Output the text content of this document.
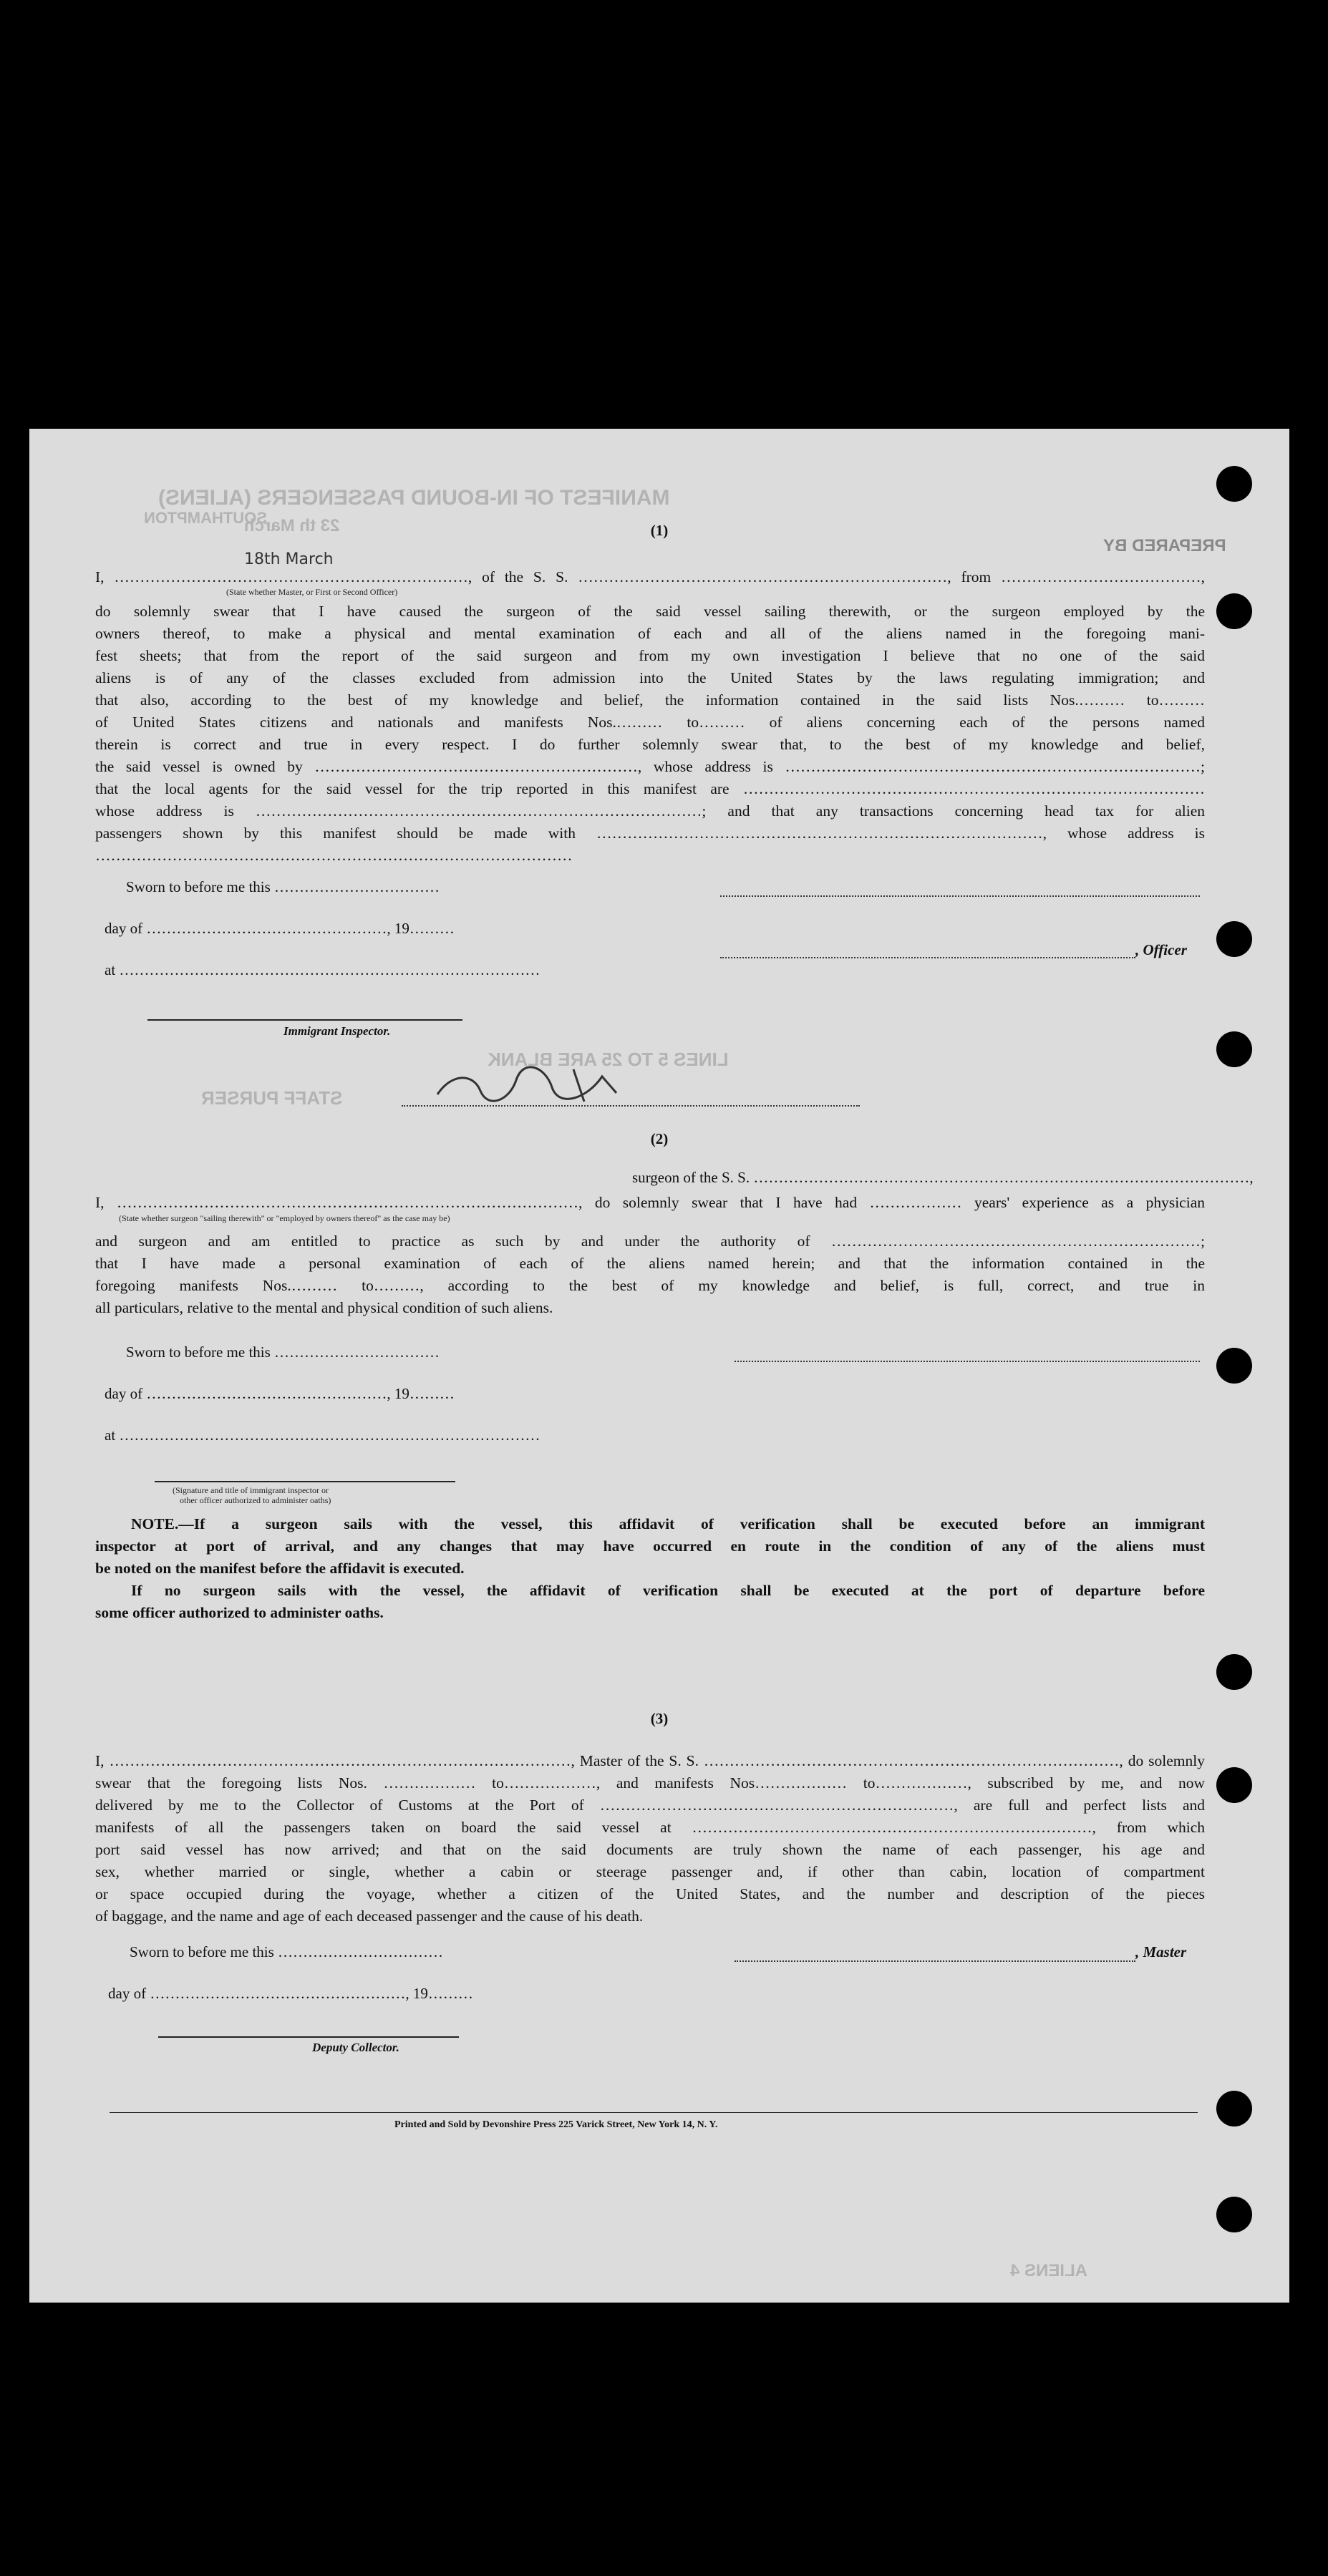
MANIFEST OF IN-BOUND PASSENGERS (ALIENS)
23 th March
SOUTHAMPTON
PREPARED BY
LINES 5 TO 25 ARE BLANK
STAFF PURSER
ALIENS 4
(1)
18th March
I, ……………………………………………………………, of the S. S. ………………………………………………………………, from …………………………………,
(State whether Master, or First or Second Officer)
do solemnly swear that I have caused the surgeon of the said vessel sailing therewith, or the surgeon employed by the
owners thereof, to make a physical and mental examination of each and all of the aliens named in the foregoing mani-
fest sheets; that from the report of the said surgeon and from my own investigation I believe that no one of the said
aliens is of any of the classes excluded from admission into the United States by the laws regulating immigration; and
that also, according to the best of my knowledge and belief, the information contained in the said lists Nos.……… to………
of United States citizens and nationals and manifests Nos.……… to……… of aliens concerning each of the persons named
therein is correct and true in every respect. I do further solemnly swear that, to the best of my knowledge and belief,
the said vessel is owned by ………………………………………………………, whose address is ………………………………………………………………………;
that the local agents for the said vessel for the trip reported in this manifest are ………………………………………………………………………………
whose address is ……………………………………………………………………………; and that any transactions concerning head tax for alien
passengers shown by this manifest should be made with ……………………………………………………………………………, whose address is
…………………………………………………………………………………
Sworn to before me this ……………………………
day of …………………………………………, 19………
, Officer
at …………………………………………………………………………
Immigrant Inspector.
(2)
surgeon of the S. S. ………………………………………………………………………………………,
I, ………………………………………………………………………………, do solemnly swear that I have had ……………… years' experience as a physician
(State whether surgeon "sailing therewith" or "employed by owners thereof" as the case may be)
and surgeon and am entitled to practice as such by and under the authority of ………………………………………………………………;
that I have made a personal examination of each of the aliens named herein; and that the information contained in the
foregoing manifests Nos.……… to………, according to the best of my knowledge and belief, is full, correct, and true in
all particulars, relative to the mental and physical condition of such aliens.
Sworn to before me this ……………………………
day of …………………………………………, 19………
at …………………………………………………………………………
(Signature and title of immigrant inspector or
other officer authorized to administer oaths)
NOTE.—If a surgeon sails with the vessel, this affidavit of verification shall be executed before an immigrant
inspector at port of arrival, and any changes that may have occurred en route in the condition of any of the aliens must
be noted on the manifest before the affidavit is executed.
If no surgeon sails with the vessel, the affidavit of verification shall be executed at the port of departure before
some officer authorized to administer oaths.
(3)
I, ………………………………………………………………………………, Master of the S. S. ………………………………………………………………………, do solemnly
swear that the foregoing lists Nos. ……………… to………………, and manifests Nos……………… to………………, subscribed by me, and now
delivered by me to the Collector of Customs at the Port of ……………………………………………………………, are full and perfect lists and
manifests of all the passengers taken on board the said vessel at ……………………………………………………………………, from which
port said vessel has now arrived; and that on the said documents are truly shown the name of each passenger, his age and
sex, whether married or single, whether a cabin or steerage passenger and, if other than cabin, location of compartment
or space occupied during the voyage, whether a citizen of the United States, and the number and description of the pieces
of baggage, and the name and age of each deceased passenger and the cause of his death.
Sworn to before me this ……………………………	, Master
day of ……………………………………………, 19………
Deputy Collector.
Printed and Sold by Devonshire Press 225 Varick Street, New York 14, N. Y.
